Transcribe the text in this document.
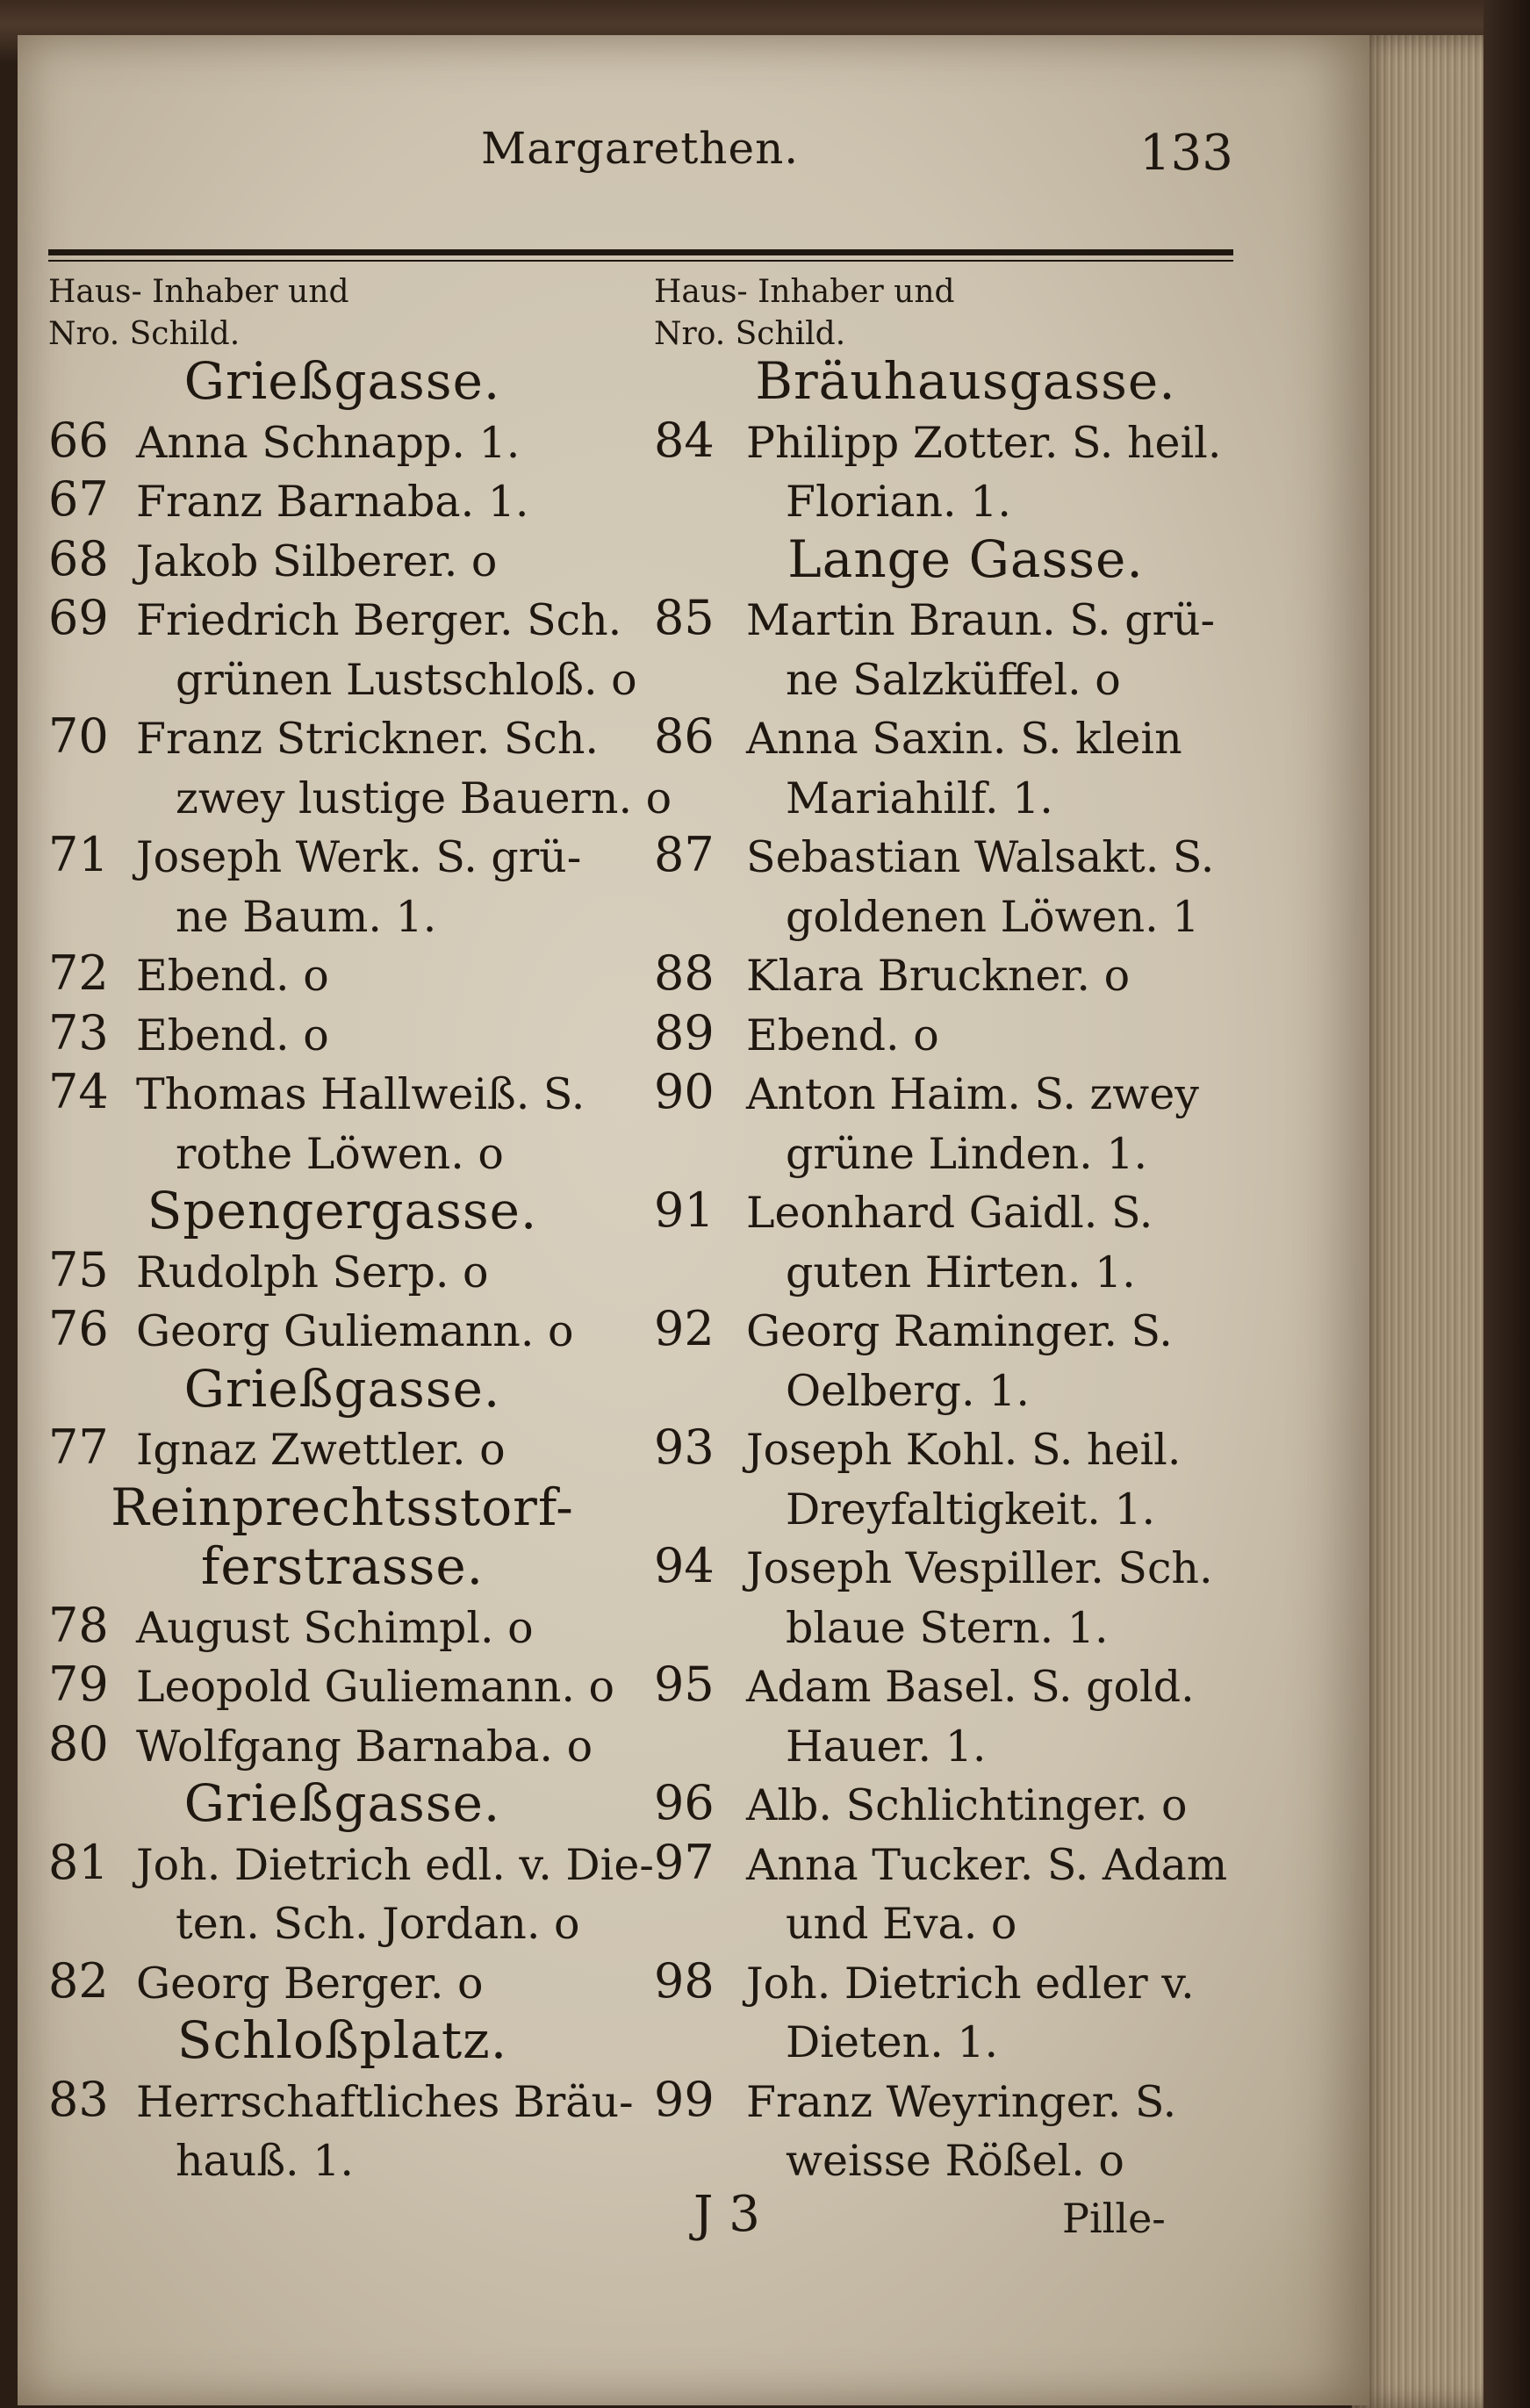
Margarethen.	133
Haus- Inhaber und
Nro. Schild.
Grießgasse.
66 Anna Schnapp. 1.
67 Franz Barnaba. 1.
68 Jakob Silberer. o
69 Friedrich Berger. Sch.
grünen Lustschloß. o
70 Franz Strickner. Sch.
zwey lustige Bauern. o
71 Joseph Werk. S. grü-
ne Baum. 1.
72 Ebend. o
73 Ebend. o
74 Thomas Hallweiß. S.
rothe Löwen. o
Spengergasse.
75 Rudolph Serp. o
76 Georg Guliemann. o
Grießgasse.
77 Ignaz Zwettler. o
Reinprechtsstorf-
ferstrasse.
78 August Schimpl. o
79 Leopold Guliemann. o
80 Wolfgang Barnaba. o
Grießgasse.
81 Joh. Dietrich edl. v. Die-
ten. Sch. Jordan. o
82 Georg Berger. o
Schloßplatz.
83 Herrschaftliches Bräu-
hauß. 1.
Haus- Inhaber und
Nro. Schild.
Bräuhausgasse.
84 Philipp Zotter. S. heil.
Florian. 1.
Lange Gasse.
85 Martin Braun. S. grü-
ne Salzküffel. o
86 Anna Saxin. S. klein
Mariahilf. 1.
87 Sebastian Walsakt. S.
goldenen Löwen. 1
88 Klara Bruckner. o
89 Ebend. o
90 Anton Haim. S. zwey
grüne Linden. 1.
91 Leonhard Gaidl. S.
guten Hirten. 1.
92 Georg Raminger. S.
Oelberg. 1.
93 Joseph Kohl. S. heil.
Dreyfaltigkeit. 1.
94 Joseph Vespiller. Sch.
blaue Stern. 1.
95 Adam Basel. S. gold.
Hauer. 1.
96 Alb. Schlichtinger. o
97 Anna Tucker. S. Adam
und Eva. o
98 Joh. Dietrich edler v.
Dieten. 1.
99 Franz Weyringer. S.
weisse Rößel. o
J 3	Pille-
